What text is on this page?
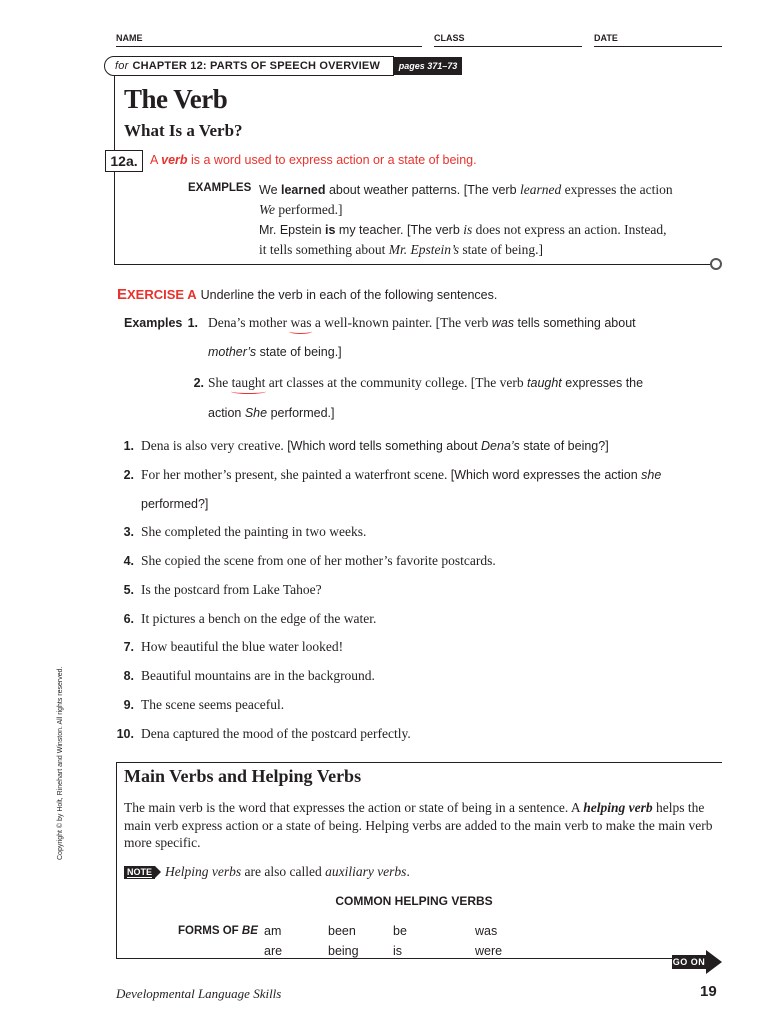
NAME	CLASS	DATE
for CHAPTER 12: PARTS OF SPEECH OVERVIEW	pages 371–73
The Verb
What Is a Verb?
12a. A verb is a word used to express action or a state of being.
EXAMPLES We learned about weather patterns. [The verb learned expresses the action
We performed.]
Mr. Epstein is my teacher. [The verb is does not express an action. Instead,
it tells something about Mr. Epstein’s state of being.]
EXERCISE A Underline the verb in each of the following sentences.
Examples 1. Dena’s mother was a well-known painter. [The verb was tells something about
mother’s state of being.]
2. She taught art classes at the community college. [The verb taught expresses the
action She performed.]
1. Dena is also very creative. [Which word tells something about Dena’s state of being?]
2. For her mother’s present, she painted a waterfront scene. [Which word expresses the action she
performed?]
3. She completed the painting in two weeks.
4. She copied the scene from one of her mother’s favorite postcards.
5. Is the postcard from Lake Tahoe?
6. It pictures a bench on the edge of the water.
7. How beautiful the blue water looked!
8. Beautiful mountains are in the background.
9. The scene seems peaceful.
10. Dena captured the mood of the postcard perfectly.
Copyright © by Holt, Rinehart and Winston. All rights reserved.	Main Verbs and Helping Verbs
The main verb is the word that expresses the action or state of being in a sentence. A helping verb helps the main verb express action or a state of being. Helping verbs are added to the main verb to make the main verb more specific.
NOTE Helping verbs are also called auxiliary verbs.
COMMON HELPING VERBS
FORMS OF BE am	been	be	was
are	being	is	were
GO ON
Developmental Language Skills	19
